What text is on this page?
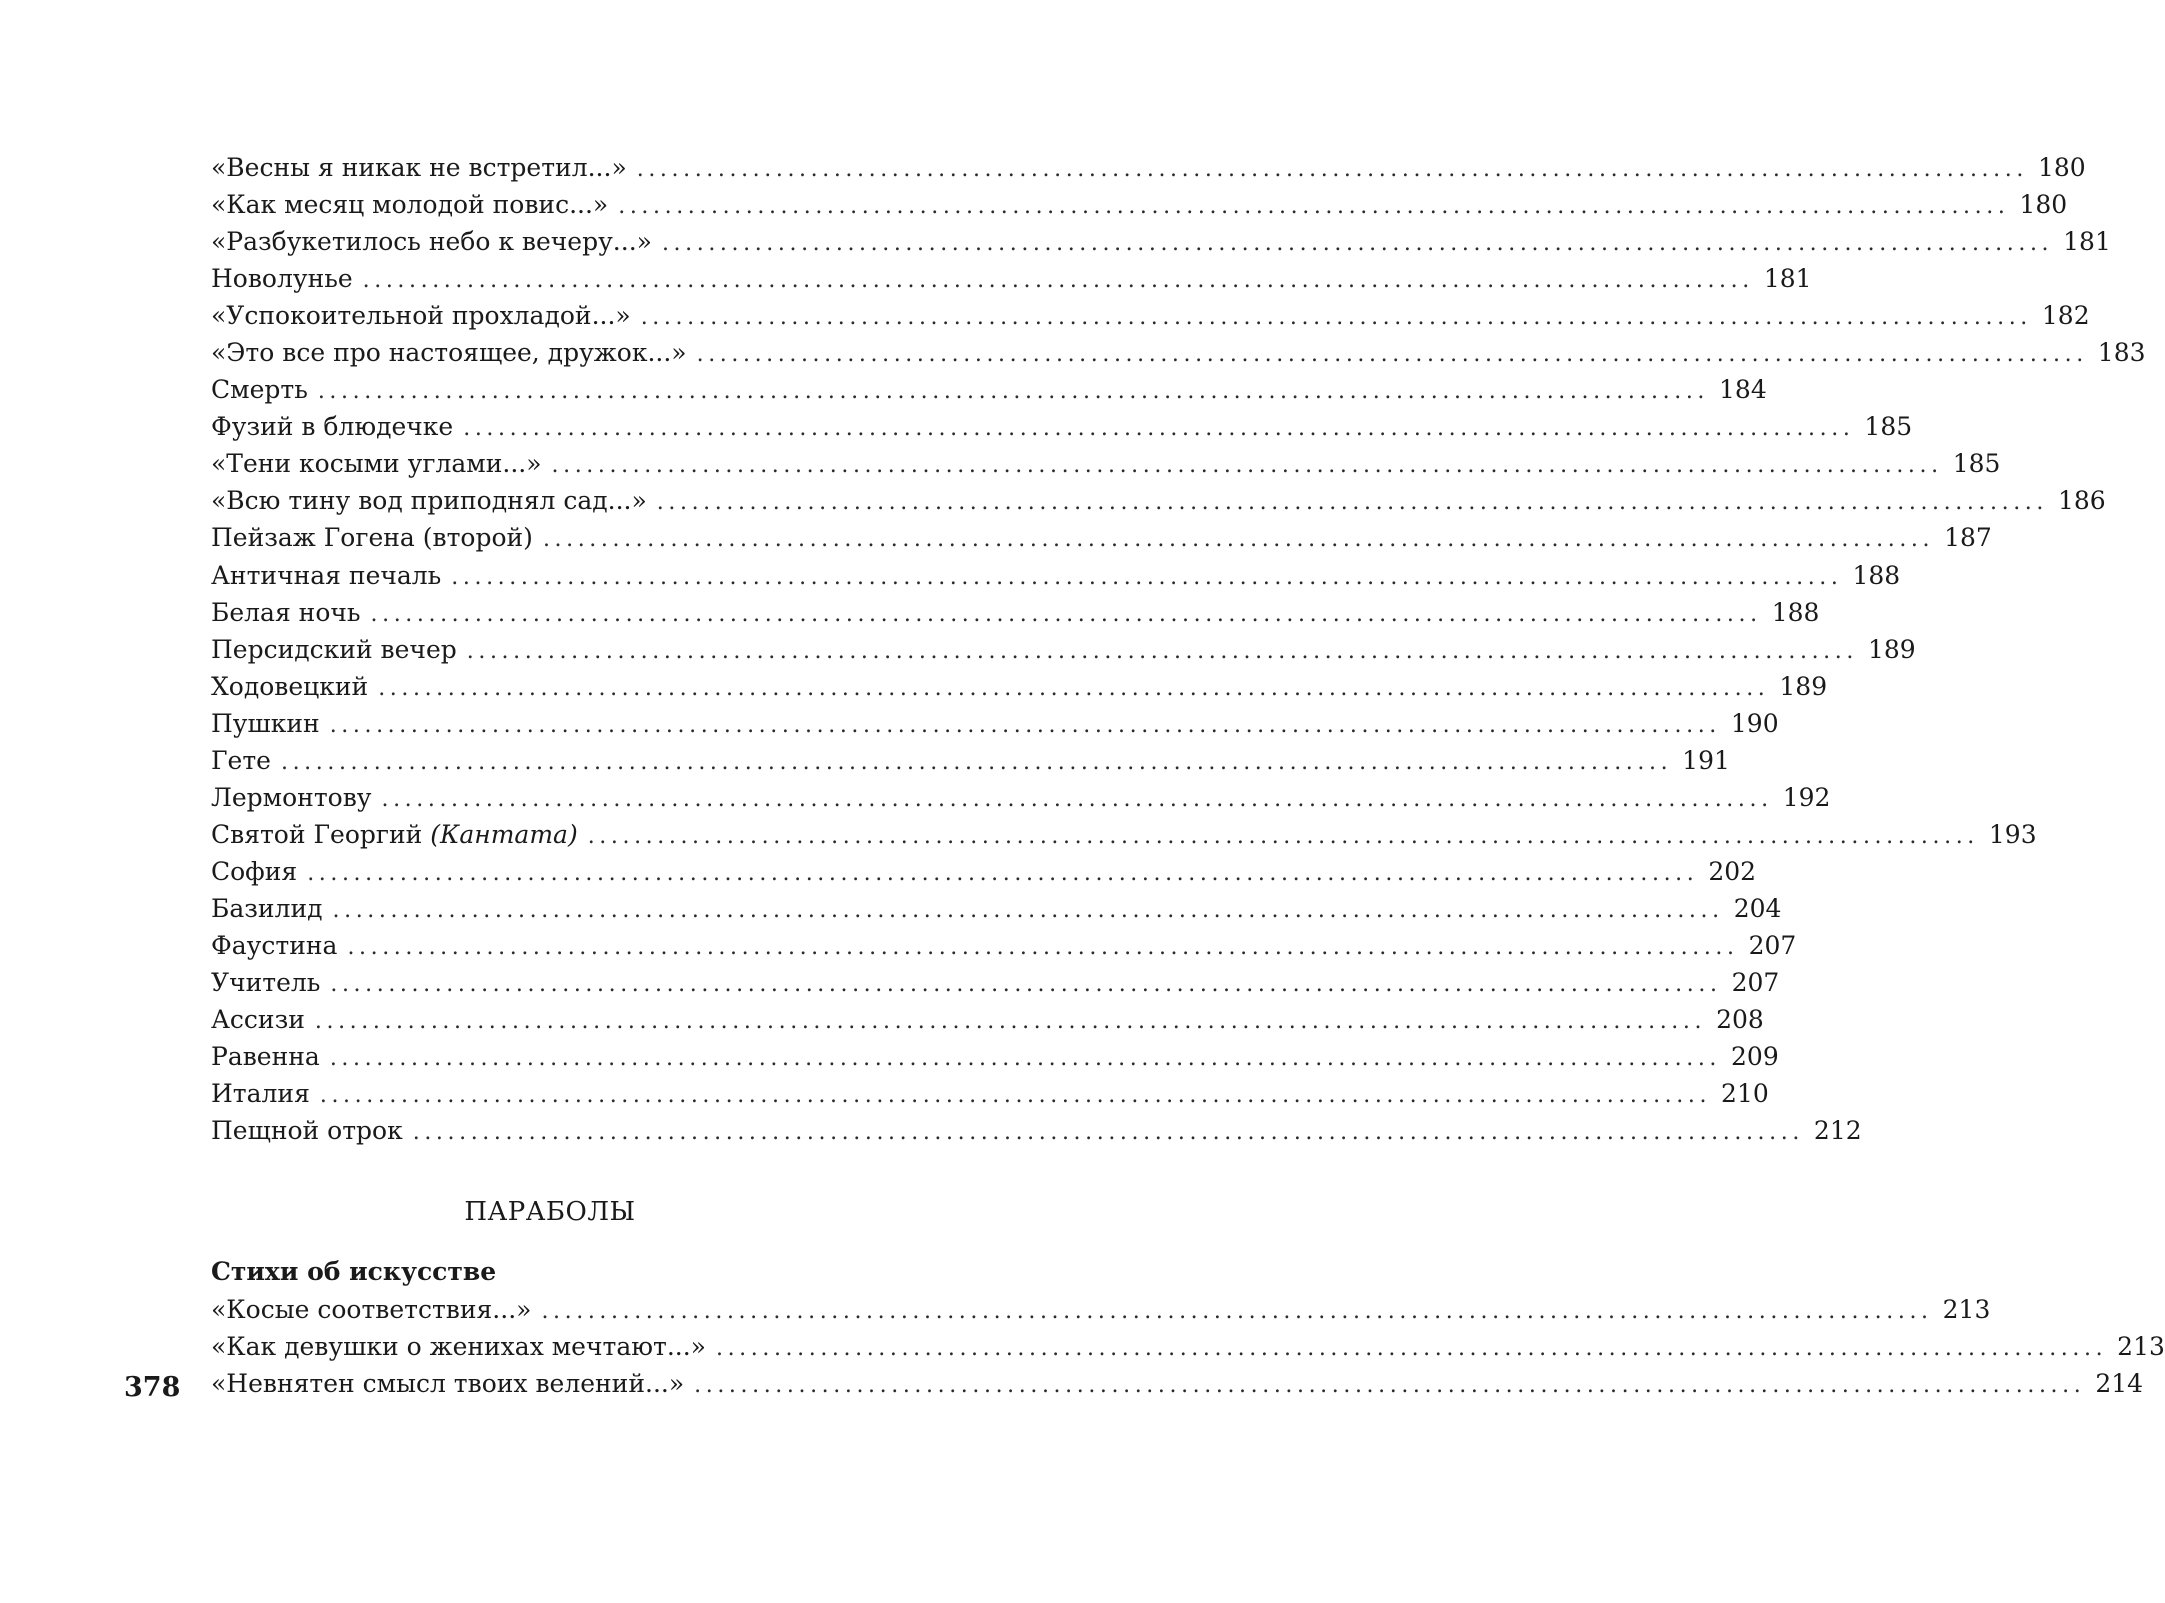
«Весны я никак не встретил...» ........................................................................................................................ 180
«Как месяц молодой повис...» ........................................................................................................................ 180
«Разбукетилось небо к вечеру...» ........................................................................................................................ 181
Новолунье ........................................................................................................................ 181
«Успокоительной прохладой...» ........................................................................................................................ 182
«Это все про настоящее, дружок...» ........................................................................................................................ 183
Смерть ........................................................................................................................ 184
Фузий в блюдечке ........................................................................................................................ 185
«Тени косыми углами...» ........................................................................................................................ 185
«Всю тину вод приподнял сад...» ........................................................................................................................ 186
Пейзаж Гогена (второй) ........................................................................................................................ 187
Античная печаль ........................................................................................................................ 188
Белая ночь ........................................................................................................................ 188
Персидский вечер ........................................................................................................................ 189
Ходовецкий ........................................................................................................................ 189
Пушкин ........................................................................................................................ 190
Гете ........................................................................................................................ 191
Лермонтову ........................................................................................................................ 192
Святой Георгий (Кантата) ........................................................................................................................ 193
София ........................................................................................................................ 202
Базилид ........................................................................................................................ 204
Фаустина ........................................................................................................................ 207
Учитель ........................................................................................................................ 207
Ассизи ........................................................................................................................ 208
Равенна ........................................................................................................................ 209
Италия ........................................................................................................................ 210
Пещной отрок ........................................................................................................................ 212
ПАРАБОЛЫ
Стихи об искусстве
«Косые соответствия...» ........................................................................................................................ 213
«Как девушки о женихах мечтают...» ........................................................................................................................ 213
«Невнятен смысл твоих велений...» ........................................................................................................................ 214
378
